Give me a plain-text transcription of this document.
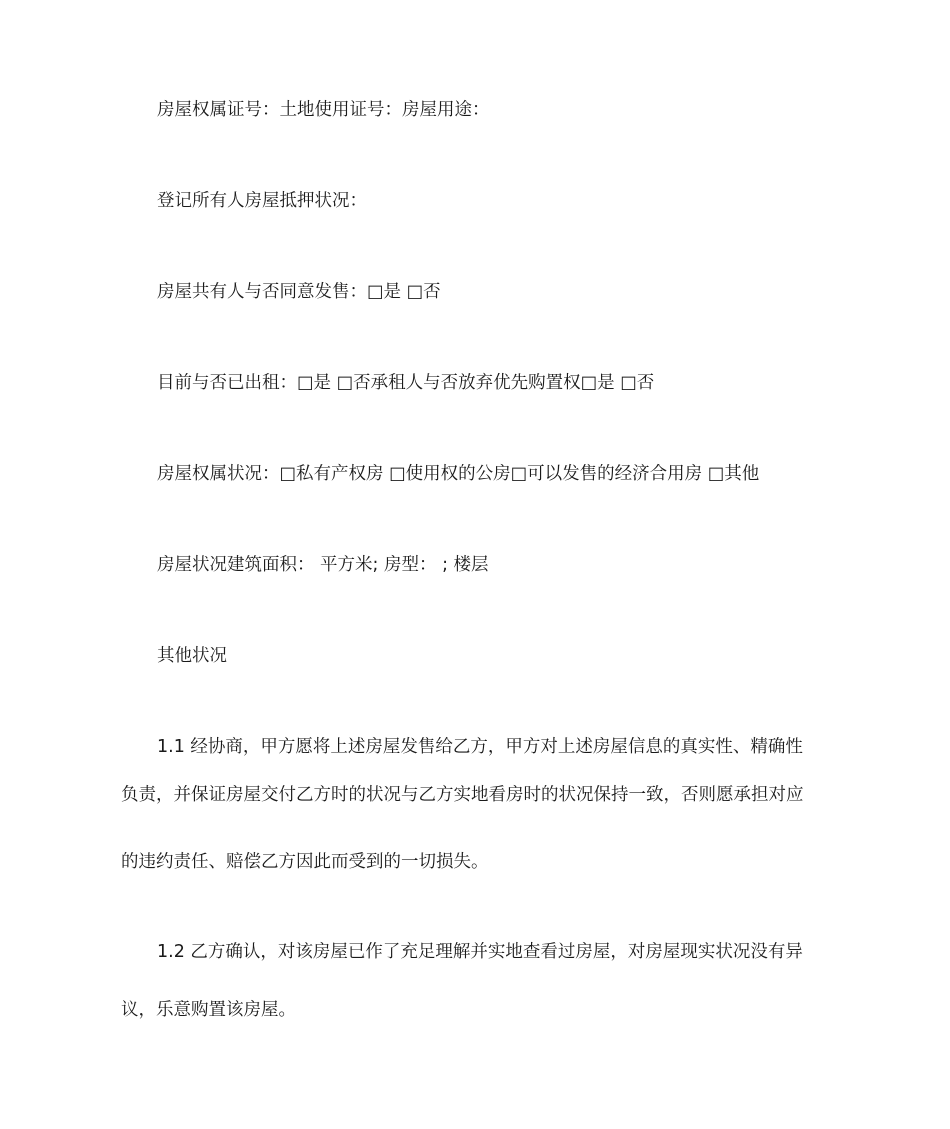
房屋权属证号：土地使用证号：房屋用途：
登记所有人房屋抵押状况：
房屋共有人与否同意发售：□是 □否
目前与否已出租：□是 □否承租人与否放弃优先购置权□是 □否
房屋权属状况：□私有产权房 □使用权的公房□可以发售的经济合用房 □其他
房屋状况建筑面积： 平方米; 房型： ; 楼层
其他状况
1.1 经协商，甲方愿将上述房屋发售给乙方，甲方对上述房屋信息的真实性、精确性
负责，并保证房屋交付乙方时的状况与乙方实地看房时的状况保持一致，否则愿承担对应
的违约责任、赔偿乙方因此而受到的一切损失。
1.2 乙方确认，对该房屋已作了充足理解并实地查看过房屋，对房屋现实状况没有异
议，乐意购置该房屋。
